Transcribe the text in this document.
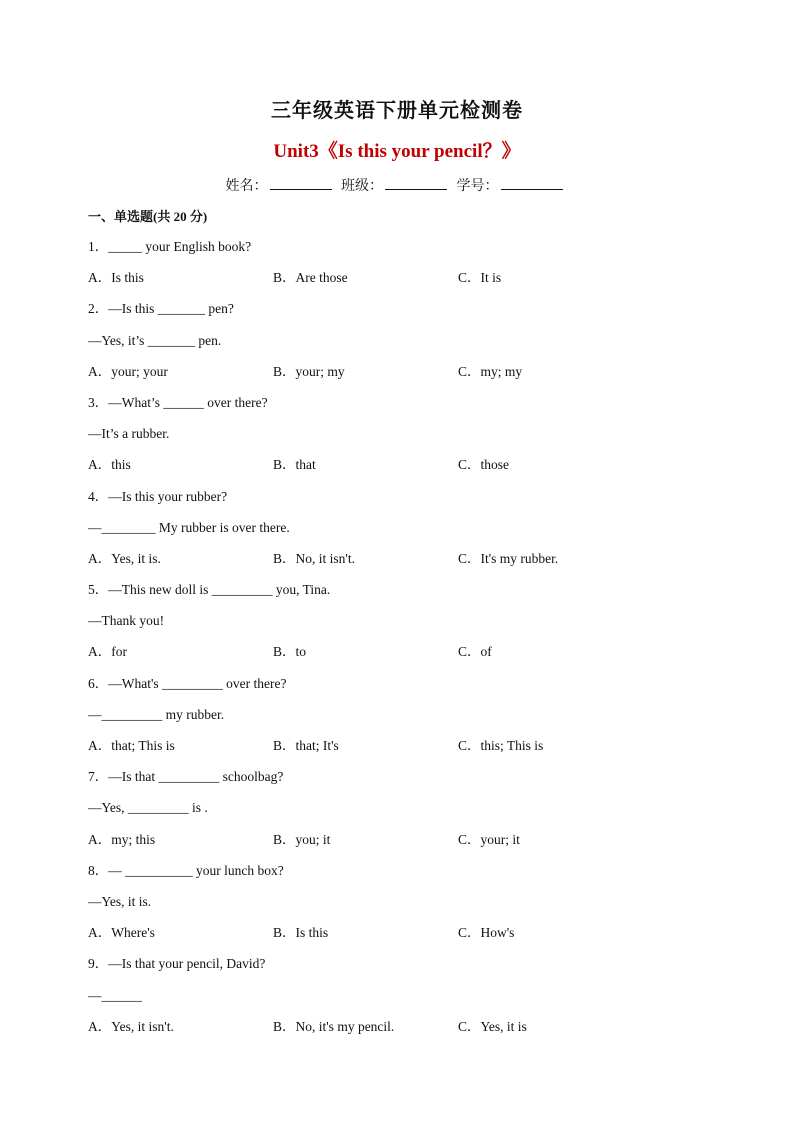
三年级英语下册单元检测卷
Unit3《Is this your pencil？》
姓名：	班级：	学号：
一、单选题(共 20 分)
1．_____ your English book?
A．Is this	B．Are those	C．It is
2．—Is this _______ pen?
—Yes, it’s _______ pen.
A．your; your	B．your; my	C．my; my
3．—What’s ______ over there?
—It’s a rubber.
A．this	B．that	C．those
4．—Is this your rubber?
—________ My rubber is over there.
A．Yes, it is.	B．No, it isn't.	C．It's my rubber.
5．—This new doll is _________ you, Tina.
—Thank you!
A．for	B．to	C．of
6．—What's _________ over there?
—_________ my rubber.
A．that; This is	B．that; It's	C．this; This is
7．—Is that _________ schoolbag?
—Yes, _________ is .
A．my; this	B．you; it	C．your; it
8．— __________ your lunch box?
—Yes, it is.
A．Where's	B．Is this	C．How's
9．—Is that your pencil, David?
—______
A．Yes, it isn't.	B．No, it's my pencil.	C．Yes, it is
